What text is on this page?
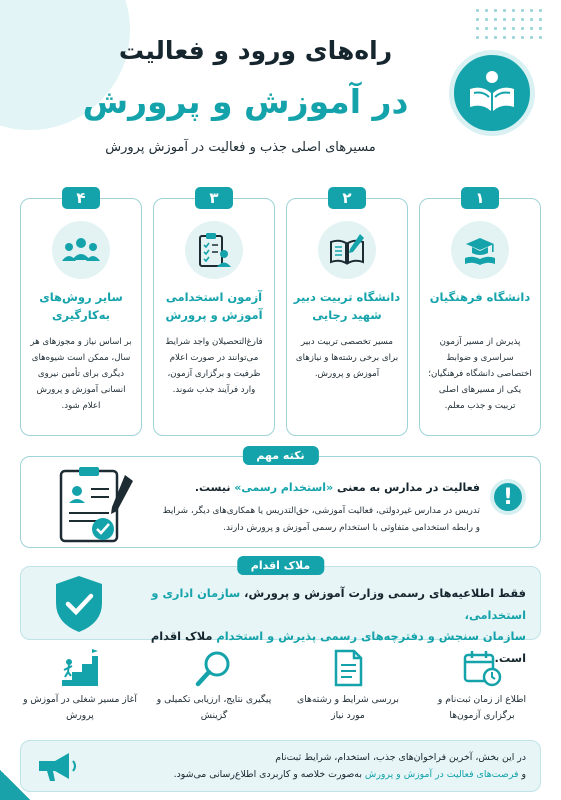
راه‌های ورود و فعالیت
در آموزش و پرورش
مسیرهای اصلی جذب و فعالیت در آموزش پرورش
۱
دانشگاه فرهنگیان
پذیرش از مسیر آزمون سراسری و ضوابط اختصاصی دانشگاه فرهنگیان؛ یکی از مسیرهای اصلی تربیت و جذب معلم.
۲
دانشگاه تربیت دبیر شهید رجایی
مسیر تخصصی تربیت دبیر برای برخی رشته‌ها و نیازهای آموزش و پرورش.
۳
آزمون استخدامی آموزش و پرورش
فارغ‌التحصیلان واجد شرایط می‌توانند در صورت اعلام ظرفیت و برگزاری آزمون، وارد فرآیند جذب شوند.
۴
سایر روش‌های به‌کارگیری
بر اساس نیاز و مجوزهای هر سال، ممکن است شیوه‌های دیگری برای تأمین نیروی انسانی آموزش و پرورش اعلام شود.
نکته مهم
!
فعالیت در مدارس به معنی «استخدام رسمی» نیست.
تدریس در مدارس غیردولتی، فعالیت آموزشی، حق‌التدریس یا همکاری‌های دیگر، شرایط و رابطه استخدامی متفاوتی با استخدام رسمی آموزش و پرورش دارند.
ملاک اقدام
فقط اطلاعیه‌های رسمی وزارت آموزش و پرورش، سازمان اداری و استخدامی،
سازمان سنجش و دفترچه‌های رسمی پذیرش و استخدام ملاک اقدام است.
اطلاع از زمان ثبت‌نام و برگزاری آزمون‌ها
بررسی شرایط و رشته‌های مورد نیاز
پیگیری نتایج، ارزیابی تکمیلی و گزینش
آغاز مسیر شغلی در آموزش و پرورش
در این بخش، آخرین فراخوان‌های جذب، استخدام، شرایط ثبت‌نام
و فرصت‌های فعالیت در آموزش و پرورش به‌صورت خلاصه و کاربردی اطلاع‌رسانی می‌شود.
